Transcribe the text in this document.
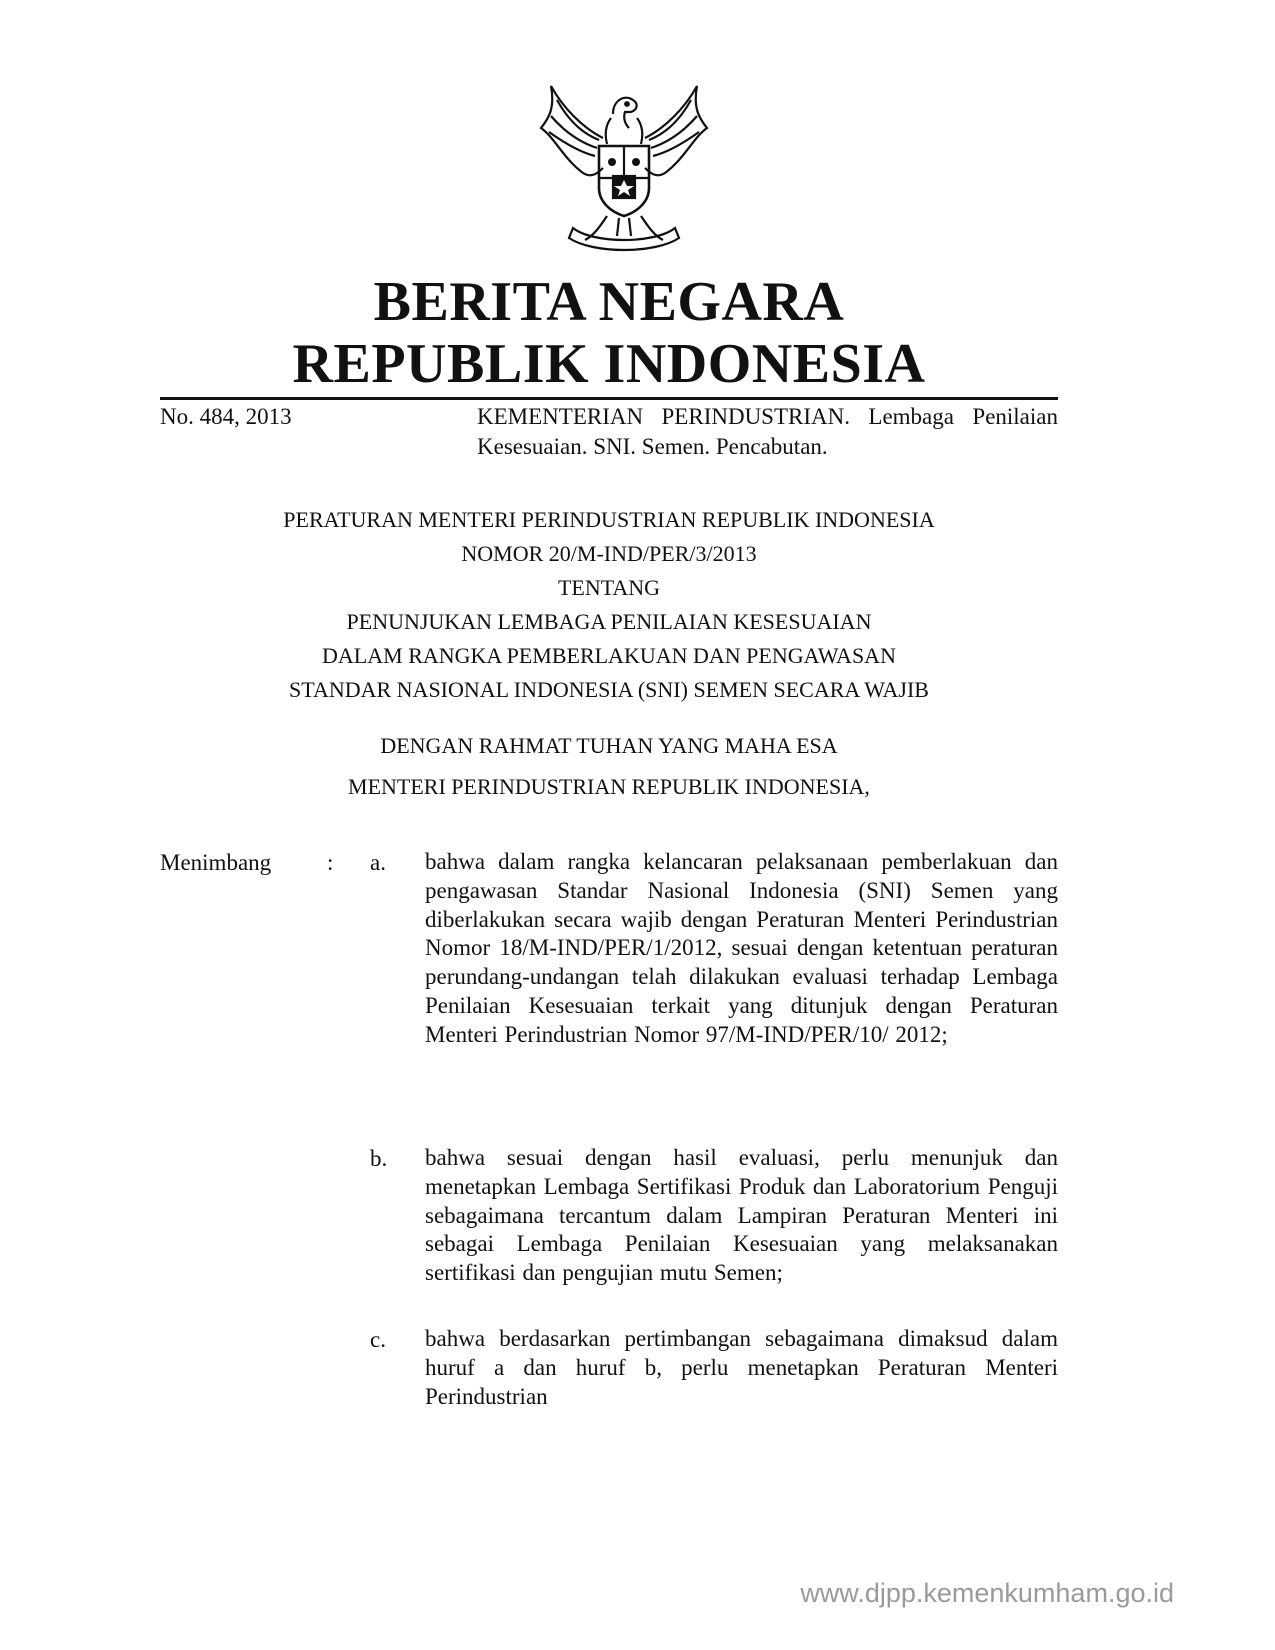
BERITA NEGARA
REPUBLIK INDONESIA
No. 484, 2013	KEMENTERIAN PERINDUSTRIAN. Lembaga Penilaian Kesesuaian. SNI. Semen. Pencabutan.
PERATURAN MENTERI PERINDUSTRIAN REPUBLIK INDONESIA
NOMOR 20/M-IND/PER/3/2013
TENTANG
PENUNJUKAN LEMBAGA PENILAIAN KESESUAIAN
DALAM RANGKA PEMBERLAKUAN DAN PENGAWASAN
STANDAR NASIONAL INDONESIA (SNI) SEMEN SECARA WAJIB
DENGAN RAHMAT TUHAN YANG MAHA ESA
MENTERI PERINDUSTRIAN REPUBLIK INDONESIA,
Menimbang : a. bahwa dalam rangka kelancaran pelaksanaan pemberlakuan dan pengawasan Standar Nasional Indonesia (SNI) Semen yang diberlakukan secara wajib dengan Peraturan Menteri Perindustrian Nomor 18/M-IND/PER/1/2012, sesuai dengan ketentuan peraturan perundang-undangan telah dilakukan evaluasi terhadap Lembaga Penilaian Kesesuaian terkait yang ditunjuk dengan Peraturan Menteri Perindustrian Nomor 97/M-IND/PER/10/ 2012;
b. bahwa sesuai dengan hasil evaluasi, perlu menunjuk dan menetapkan Lembaga Sertifikasi Produk dan Laboratorium Penguji sebagaimana tercantum dalam Lampiran Peraturan Menteri ini sebagai Lembaga Penilaian Kesesuaian yang melaksanakan sertifikasi dan pengujian mutu Semen;
c. bahwa berdasarkan pertimbangan sebagaimana dimaksud dalam huruf a dan huruf b, perlu menetapkan Peraturan Menteri Perindustrian
www.djpp.kemenkumham.go.id
